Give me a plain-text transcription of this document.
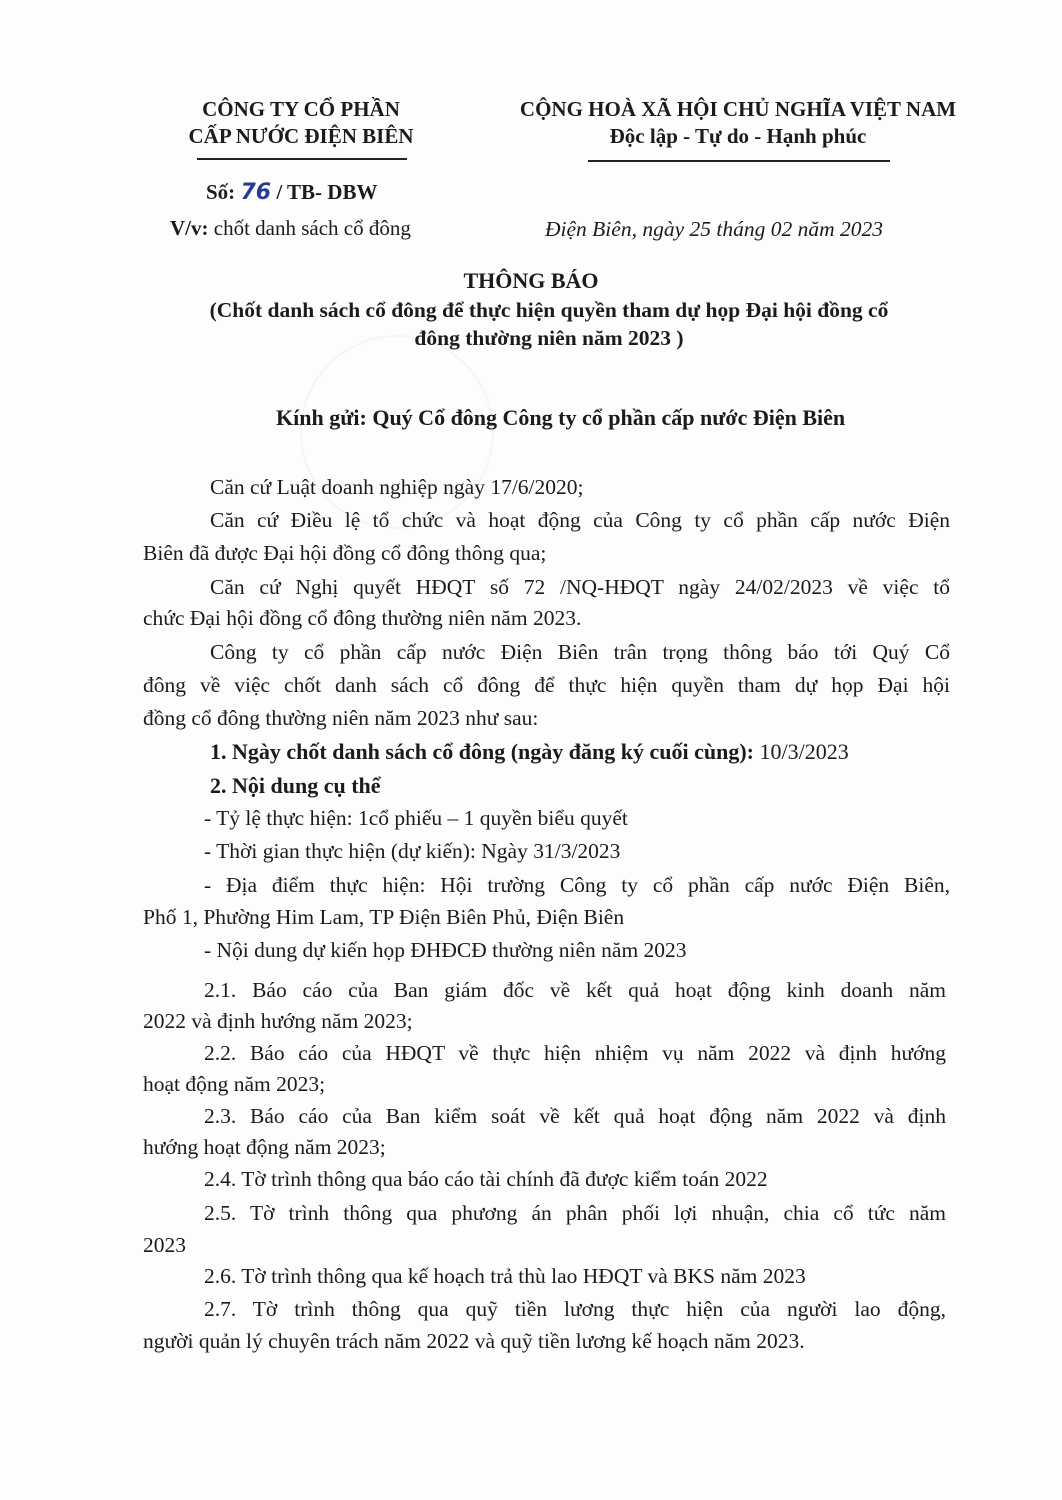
CÔNG TY CỔ PHẦN
CẤP NƯỚC ĐIỆN BIÊN
CỘNG HOÀ XÃ HỘI CHỦ NGHĨA VIỆT NAM
Độc lập - Tự do - Hạnh phúc
Số: 76 / TB- DBW
V/v: chốt danh sách cổ đông	Điện Biên, ngày 25 tháng 02 năm 2023
THÔNG BÁO
(Chốt danh sách cổ đông để thực hiện quyền tham dự họp Đại hội đồng cổ
đông thường niên năm 2023 )
Kính gửi: Quý Cổ đông Công ty cổ phần cấp nước Điện Biên
Căn cứ Luật doanh nghiệp ngày 17/6/2020;
Căn cứ Điều lệ tổ chức và hoạt động của Công ty cổ phần cấp nước Điện
Biên đã được Đại hội đồng cổ đông thông qua;
Căn cứ Nghị quyết HĐQT số 72 /NQ-HĐQT ngày 24/02/2023 về việc tổ
chức Đại hội đồng cổ đông thường niên năm 2023.
Công ty cổ phần cấp nước Điện Biên trân trọng thông báo tới Quý Cổ
đông về việc chốt danh sách cổ đông để thực hiện quyền tham dự họp Đại hội
đồng cổ đông thường niên năm 2023 như sau:
1. Ngày chốt danh sách cổ đông (ngày đăng ký cuối cùng): 10/3/2023
2. Nội dung cụ thể
- Tỷ lệ thực hiện: 1cổ phiếu – 1 quyền biểu quyết
- Thời gian thực hiện (dự kiến): Ngày 31/3/2023
- Địa điểm thực hiện: Hội trường Công ty cổ phần cấp nước Điện Biên,
Phố 1, Phường Him Lam, TP Điện Biên Phủ, Điện Biên
- Nội dung dự kiến họp ĐHĐCĐ thường niên năm 2023
2.1. Báo cáo của Ban giám đốc về kết quả hoạt động kinh doanh năm
2022 và định hướng năm 2023;
2.2. Báo cáo của HĐQT về thực hiện nhiệm vụ năm 2022 và định hướng
hoạt động năm 2023;
2.3. Báo cáo của Ban kiểm soát về kết quả hoạt động năm 2022 và định
hướng hoạt động năm 2023;
2.4. Tờ trình thông qua báo cáo tài chính đã được kiểm toán 2022
2.5. Tờ trình thông qua phương án phân phối lợi nhuận, chia cổ tức năm
2023
2.6. Tờ trình thông qua kế hoạch trả thù lao HĐQT và BKS năm 2023
2.7. Tờ trình thông qua quỹ tiền lương thực hiện của người lao động,
người quản lý chuyên trách năm 2022 và quỹ tiền lương kế hoạch năm 2023.
